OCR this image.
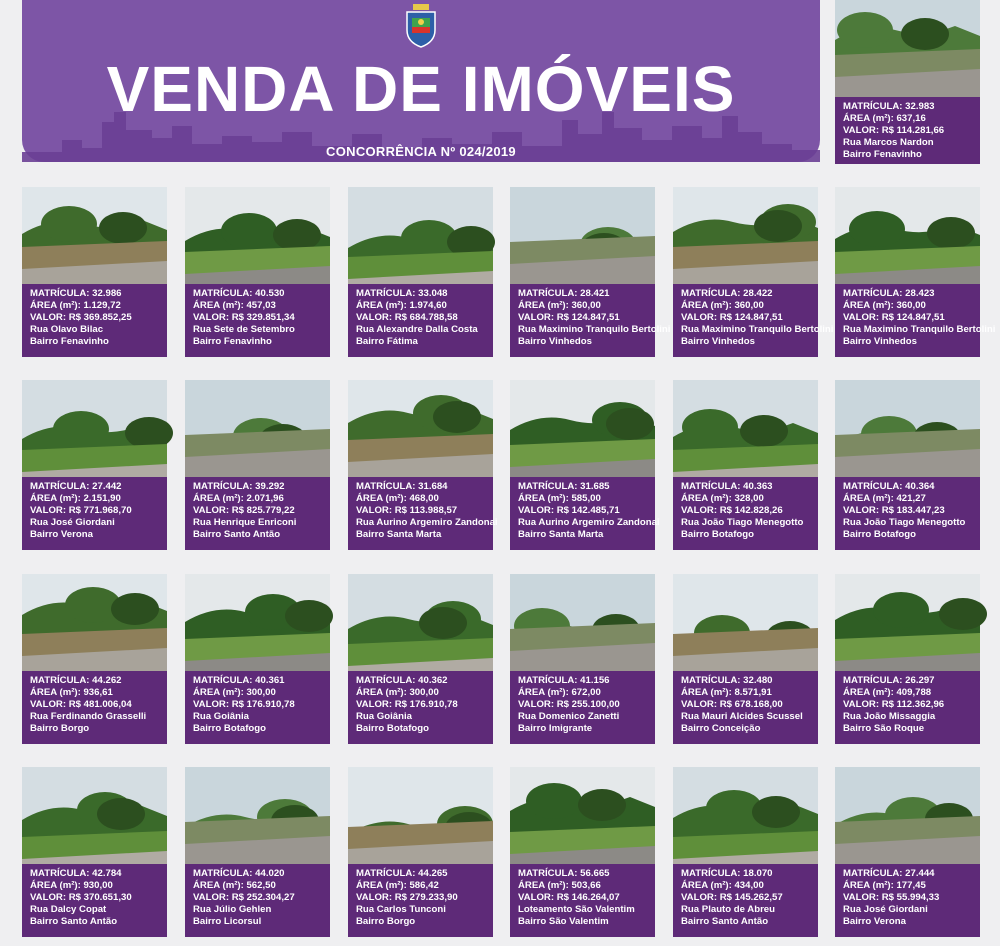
VENDA DE IMÓVEIS
CONCORRÊNCIA Nº 024/2019
MATRÍCULA: 32.983
ÁREA (m²): 637,16
VALOR: R$ 114.281,66
Rua Marcos Nardon
Bairro Fenavinho
MATRÍCULA: 32.986
ÁREA (m²): 1.129,72
VALOR: R$ 369.852,25
Rua Olavo Bilac
Bairro Fenavinho
MATRÍCULA: 40.530
ÁREA (m²): 457,03
VALOR: R$ 329.851,34
Rua Sete de Setembro
Bairro Fenavinho
MATRÍCULA: 33.048
ÁREA (m²): 1.974,60
VALOR: R$ 684.788,58
Rua Alexandre Dalla Costa
Bairro Fátima
MATRÍCULA: 28.421
ÁREA (m²): 360,00
VALOR: R$ 124.847,51
Rua Maximino Tranquilo Bertolini
Bairro Vinhedos
MATRÍCULA: 28.422
ÁREA (m²): 360,00
VALOR: R$ 124.847,51
Rua Maximino Tranquilo Bertolini
Bairro Vinhedos
MATRÍCULA: 28.423
ÁREA (m²): 360,00
VALOR: R$ 124.847,51
Rua Maximino Tranquilo Bertolini
Bairro Vinhedos
MATRÍCULA: 27.442
ÁREA (m²): 2.151,90
VALOR: R$ 771.968,70
Rua José Giordani
Bairro Verona
MATRÍCULA: 39.292
ÁREA (m²): 2.071,96
VALOR: R$ 825.779,22
Rua Henrique Enriconi
Bairro Santo Antão
MATRÍCULA: 31.684
ÁREA (m²): 468,00
VALOR: R$ 113.988,57
Rua Aurino Argemiro Zandonai
Bairro Santa Marta
MATRÍCULA: 31.685
ÁREA (m²): 585,00
VALOR: R$ 142.485,71
Rua Aurino Argemiro Zandonai
Bairro Santa Marta
MATRÍCULA: 40.363
ÁREA (m²): 328,00
VALOR: R$ 142.828,26
Rua João Tiago Menegotto
Bairro Botafogo
MATRÍCULA: 40.364
ÁREA (m²): 421,27
VALOR: R$ 183.447,23
Rua João Tiago Menegotto
Bairro Botafogo
MATRÍCULA: 44.262
ÁREA (m²): 936,61
VALOR: R$ 481.006,04
Rua Ferdinando Grasselli
Bairro Borgo
MATRÍCULA: 40.361
ÁREA (m²): 300,00
VALOR: R$ 176.910,78
Rua Goiânia
Bairro Botafogo
MATRÍCULA: 40.362
ÁREA (m²): 300,00
VALOR: R$ 176.910,78
Rua Goiânia
Bairro Botafogo
MATRÍCULA: 41.156
ÁREA (m²): 672,00
VALOR: R$ 255.100,00
Rua Domenico Zanetti
Bairro Imigrante
MATRÍCULA: 32.480
ÁREA (m²): 8.571,91
VALOR: R$ 678.168,00
Rua Mauri Alcides Scussel
Bairro Conceição
MATRÍCULA: 26.297
ÁREA (m²): 409,788
VALOR: R$ 112.362,96
Rua João Missaggia
Bairro São Roque
MATRÍCULA: 42.784
ÁREA (m²): 930,00
VALOR: R$ 370.651,30
Rua Dalcy Copat
Bairro Santo Antão
MATRÍCULA: 44.020
ÁREA (m²): 562,50
VALOR: R$ 252.304,27
Rua Júlio Gehlen
Bairro Licorsul
MATRÍCULA: 44.265
ÁREA (m²): 586,42
VALOR: R$ 279.233,90
Rua Carlos Tunconi
Bairro Borgo
MATRÍCULA: 56.665
ÁREA (m²): 503,66
VALOR: R$ 146.264,07
Loteamento São Valentim
Bairro São Valentim
MATRÍCULA: 18.070
ÁREA (m²): 434,00
VALOR: R$ 145.262,57
Rua Plauto de Abreu
Bairro Santo Antão
MATRÍCULA: 27.444
ÁREA (m²): 177,45
VALOR: R$ 55.994,33
Rua José Giordani
Bairro Verona
